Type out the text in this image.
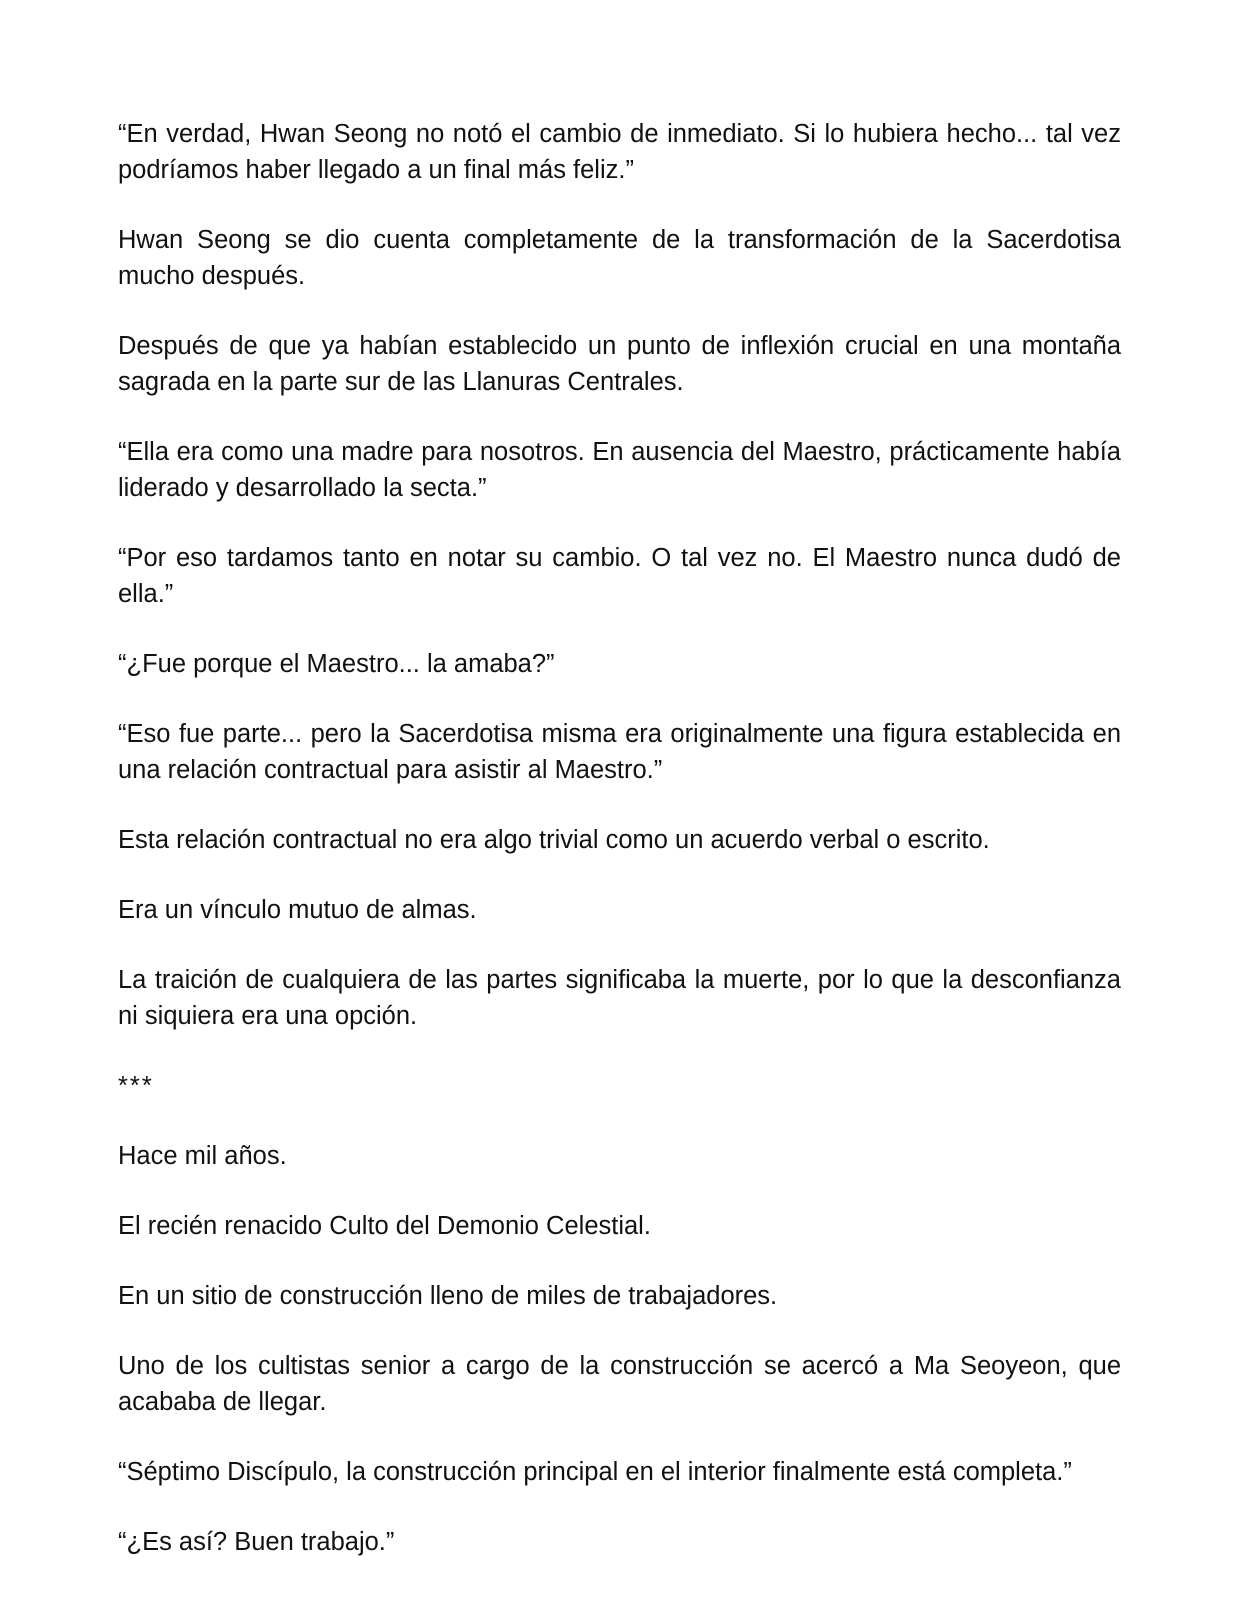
“En verdad, Hwan Seong no notó el cambio de inmediato. Si lo hubiera hecho... tal vez podríamos haber llegado a un final más feliz.”

Hwan Seong se dio cuenta completamente de la transformación de la Sacerdotisa mucho después.

Después de que ya habían establecido un punto de inflexión crucial en una montaña sagrada en la parte sur de las Llanuras Centrales.

“Ella era como una madre para nosotros. En ausencia del Maestro, prácticamente había liderado y desarrollado la secta.”

“Por eso tardamos tanto en notar su cambio. O tal vez no. El Maestro nunca dudó de ella.”

“¿Fue porque el Maestro... la amaba?”

“Eso fue parte... pero la Sacerdotisa misma era originalmente una figura establecida en una relación contractual para asistir al Maestro.”

Esta relación contractual no era algo trivial como un acuerdo verbal o escrito.

Era un vínculo mutuo de almas.

La traición de cualquiera de las partes significaba la muerte, por lo que la desconfianza ni siquiera era una opción.

***

Hace mil años.

El recién renacido Culto del Demonio Celestial.

En un sitio de construcción lleno de miles de trabajadores.

Uno de los cultistas senior a cargo de la construcción se acercó a Ma Seoyeon, que acababa de llegar.

“Séptimo Discípulo, la construcción principal en el interior finalmente está completa.”

“¿Es así? Buen trabajo.”
